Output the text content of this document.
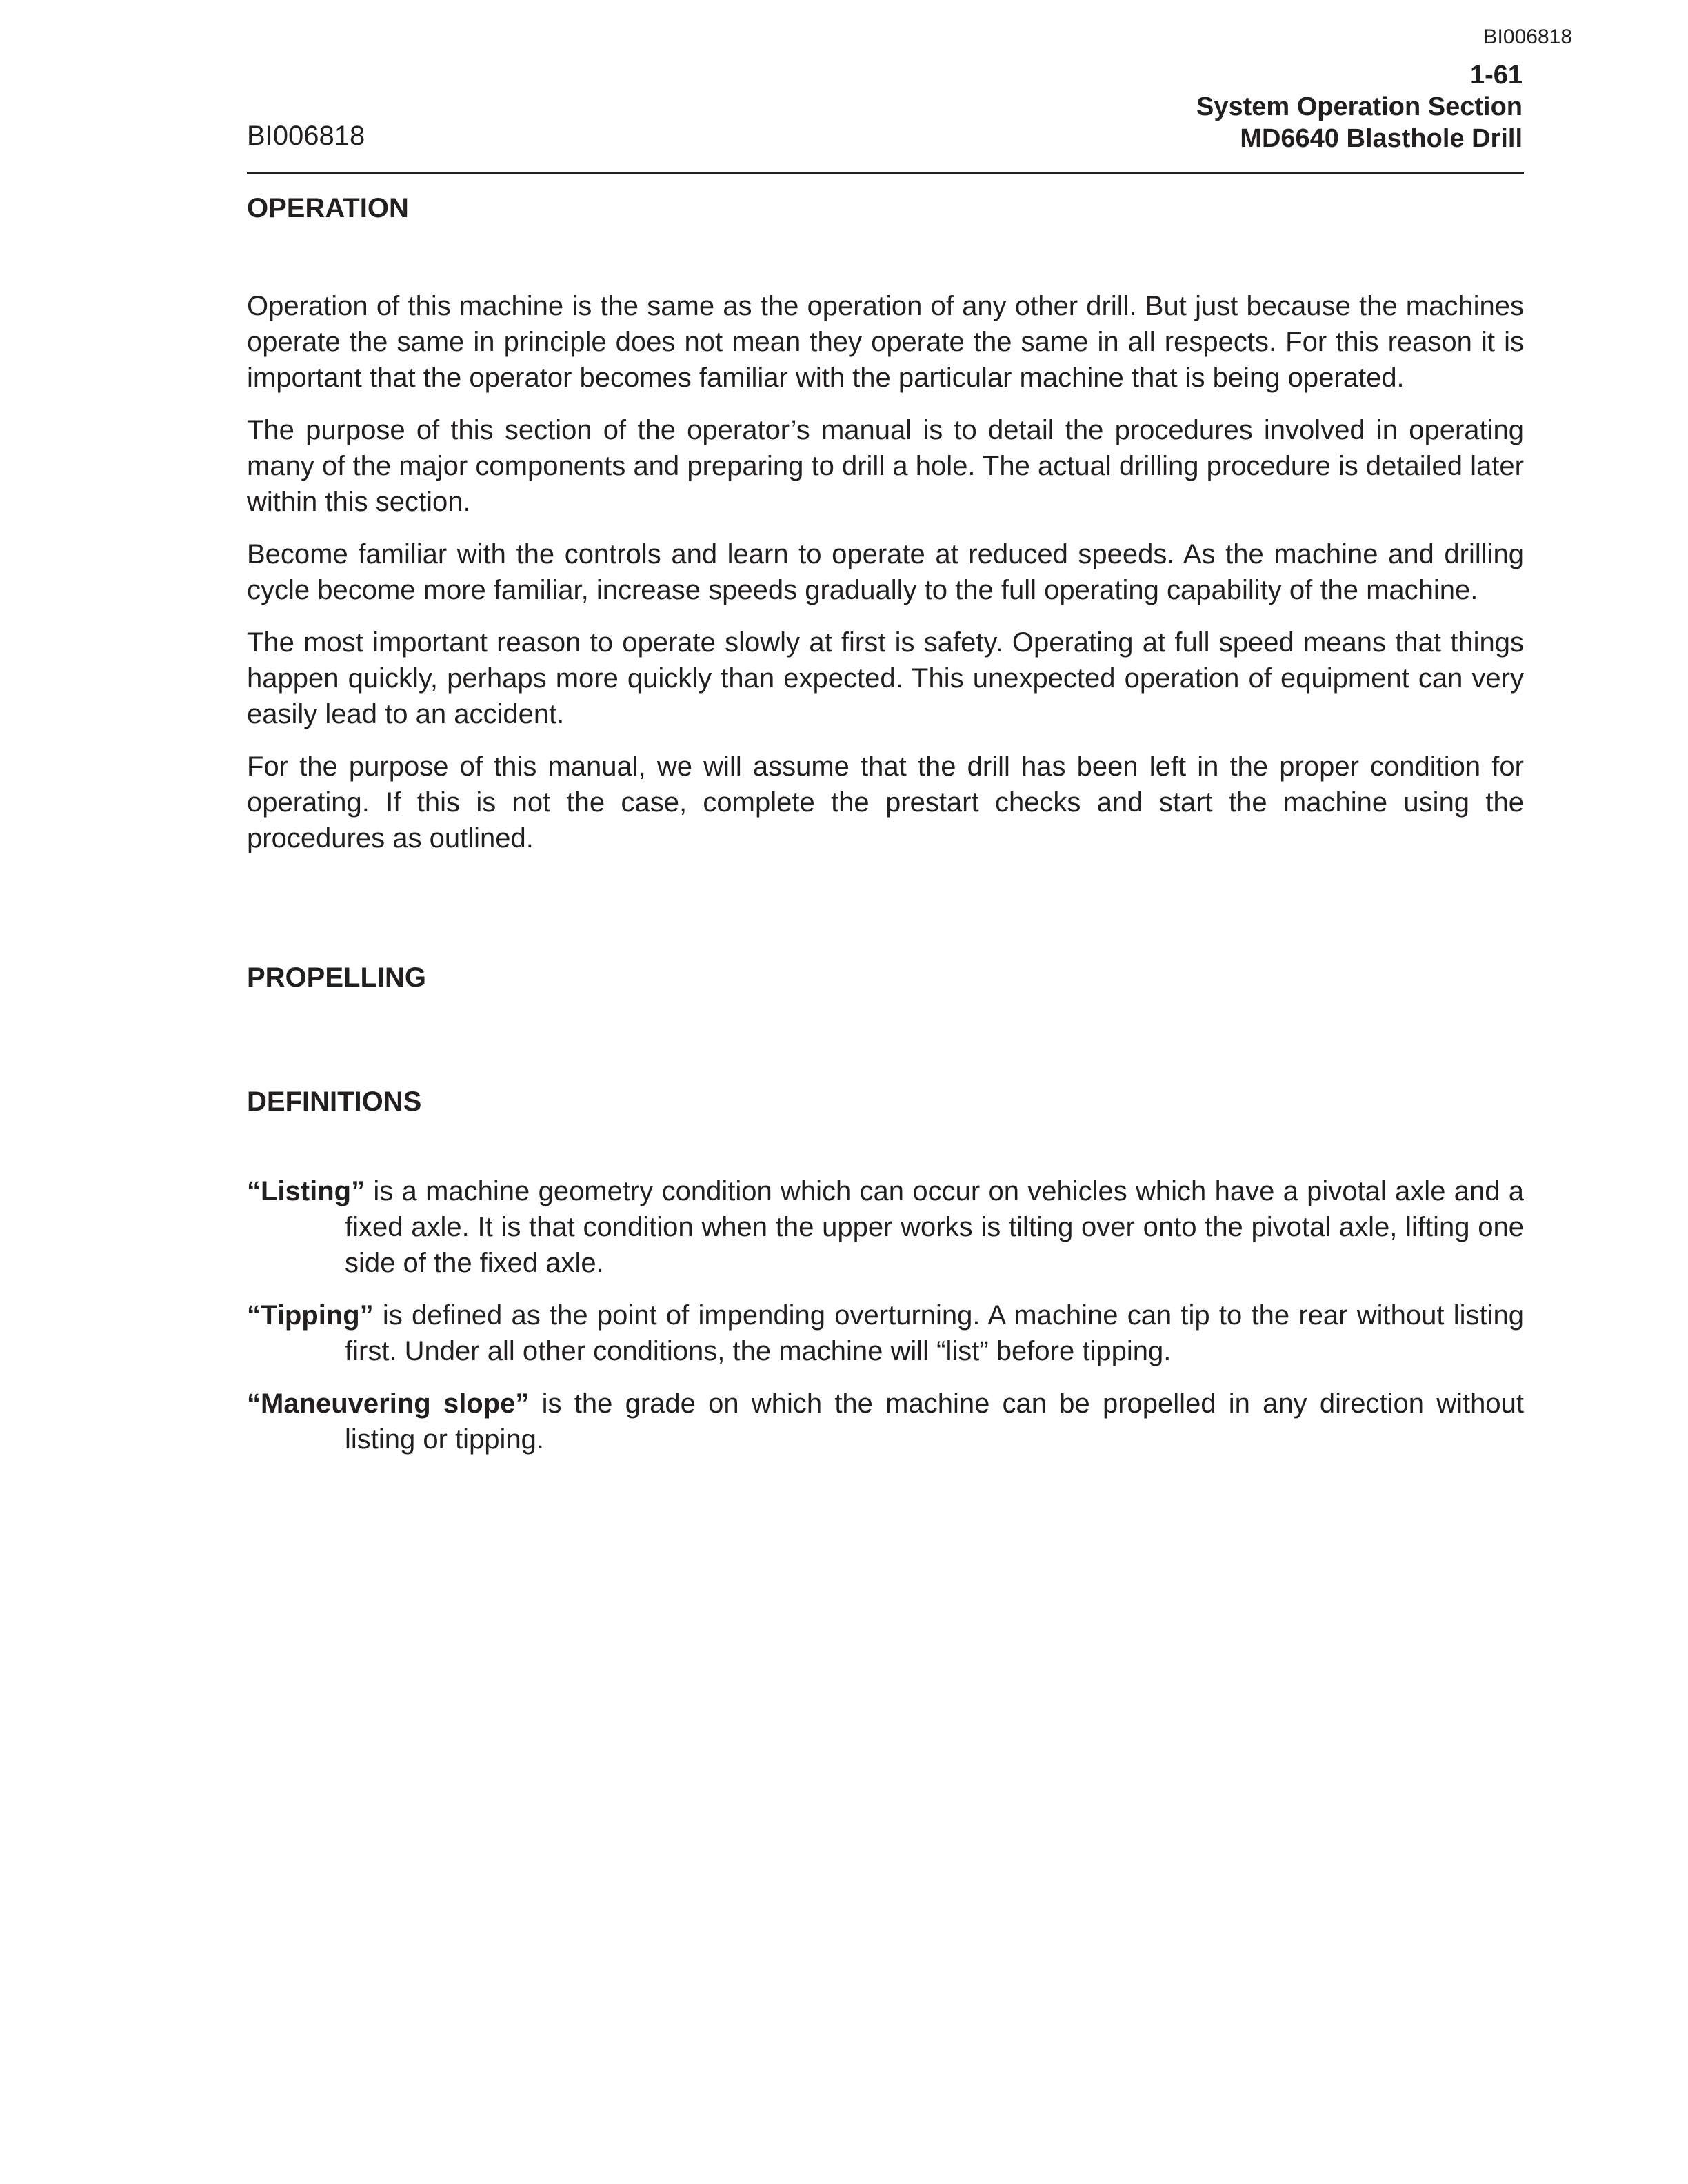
BI006818
1-61
System Operation Section
MD6640 Blasthole Drill
BI006818
OPERATION

Operation of this machine is the same as the operation of any other drill. But just because the machines operate the same in principle does not mean they operate the same in all respects. For this reason it is important that the operator becomes familiar with the particular machine that is being operated.

The purpose of this section of the operator’s manual is to detail the procedures involved in operating many of the major components and preparing to drill a hole. The actual drilling procedure is detailed later within this section.

Become familiar with the controls and learn to operate at reduced speeds. As the machine and drilling cycle become more familiar, increase speeds gradually to the full operating capability of the machine.

The most important reason to operate slowly at first is safety. Operating at full speed means that things happen quickly, perhaps more quickly than expected. This unexpected operation of equipment can very easily lead to an accident.

For the purpose of this manual, we will assume that the drill has been left in the proper condition for operating. If this is not the case, complete the prestart checks and start the machine using the procedures as outlined.

PROPELLING
DEFINITIONS

“Listing” is a machine geometry condition which can occur on vehicles which have a pivotal axle and a fixed axle. It is that condition when the upper works is tilting over onto the pivotal axle, lifting one side of the fixed axle.

“Tipping” is defined as the point of impending overturning. A machine can tip to the rear without listing first. Under all other conditions, the machine will “list” before tipping.

“Maneuvering slope” is the grade on which the machine can be propelled in any direction without listing or tipping.
